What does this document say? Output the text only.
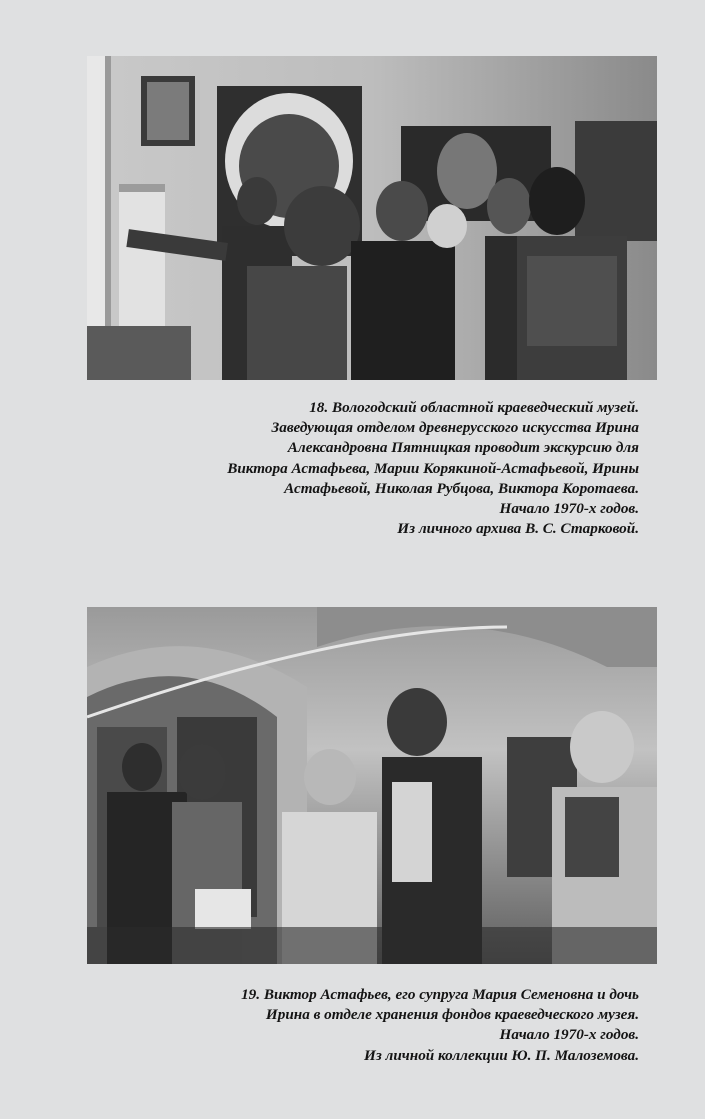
18. Вологодский областной краеведческий музей.
Заведующая отделом древнерусского искусства Ирина
Александровна Пятницкая проводит экскурсию для
Виктора Астафьева, Марии Корякиной-Астафьевой, Ирины
Астафьевой, Николая Рубцова, Виктора Коротаева.
Начало 1970-х годов.
Из личного архива В. С. Старковой.
19. Виктор Астафьев, его супруга Мария Семеновна и дочь
Ирина в отделе хранения фондов краеведческого музея.
Начало 1970-х годов.
Из личной коллекции Ю. П. Малоземова.
